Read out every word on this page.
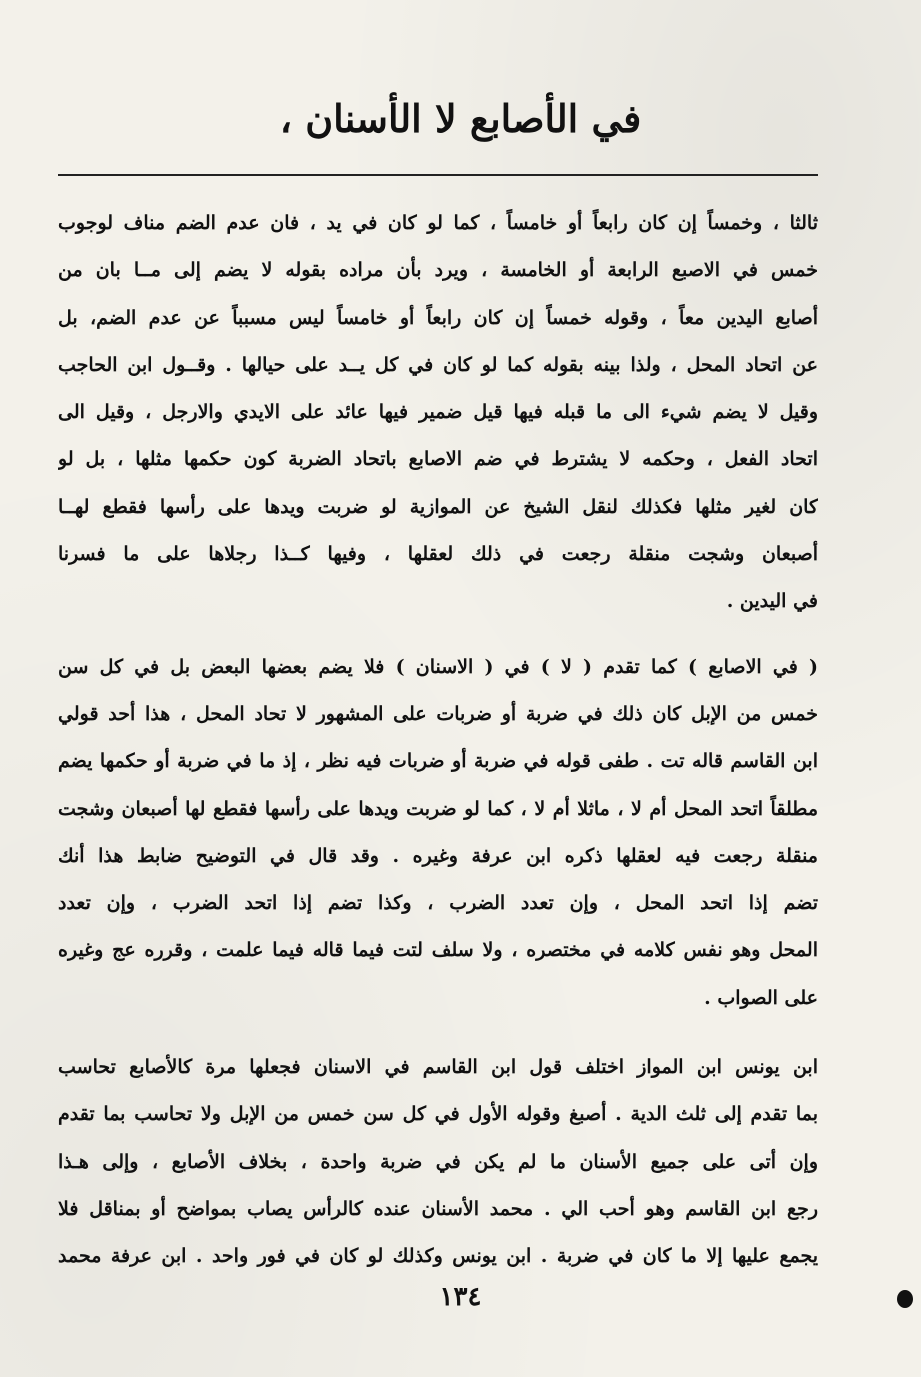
في الأصابع لا الأسنان ،
ثالثا ، وخمساً إن كان رابعاً أو خامساً ، كما لو كان في يد ، فان عدم الضم مناف لوجوب
خمس في الاصبع الرابعة أو الخامسة ، ويرد بأن مراده بقوله لا يضم إلى مــا بان من
أصابع اليدين معاً ، وقوله خمساً إن كان رابعاً أو خامساً ليس مسبباً عن عدم الضم، بل
عن اتحاد المحل ، ولذا بينه بقوله كما لو كان في كل يــد على حيالها . وقــول ابن الحاجب
وقيل لا يضم شيء الى ما قبله فيها قيل ضمير فيها عائد على الايدي والارجل ، وقيل الى
اتحاد الفعل ، وحكمه لا يشترط في ضم الاصابع باتحاد الضربة كون حكمها مثلها ، بل لو
كان لغير مثلها فكذلك لنقل الشيخ عن الموازية لو ضربت ويدها على رأسها فقطع لهــا
أصبعان وشجت منقلة رجعت في ذلك لعقلها ، وفيها كــذا رجلاها على ما فسرنا
في اليدين .
( في الاصابع ) كما تقدم ( لا ) في ( الاسنان ) فلا يضم بعضها البعض بل في كل سن
خمس من الإبل كان ذلك في ضربة أو ضربات على المشهور لا تحاد المحل ، هذا أحد قولي
ابن القاسم قاله تت . طفى قوله في ضربة أو ضربات فيه نظر ، إذ ما في ضربة أو حكمها يضم
مطلقاً اتحد المحل أم لا ، ماثلا أم لا ، كما لو ضربت ويدها على رأسها فقطع لها أصبعان وشجت
منقلة رجعت فيه لعقلها ذكره ابن عرفة وغيره . وقد قال في التوضيح ضابط هذا أنك
تضم إذا اتحد المحل ، وإن تعدد الضرب ، وكذا تضم إذا اتحد الضرب ، وإن تعدد
المحل وهو نفس كلامه في مختصره ، ولا سلف لتت فيما قاله فيما علمت ، وقرره عج وغيره
على الصواب .
ابن يونس ابن المواز اختلف قول ابن القاسم في الاسنان فجعلها مرة كالأصابع تحاسب
بما تقدم إلى ثلث الدية . أصبغ وقوله الأول في كل سن خمس من الإبل ولا تحاسب بما تقدم
وإن أتى على جميع الأسنان ما لم يكن في ضربة واحدة ، بخلاف الأصابع ، وإلى هـذا
رجع ابن القاسم وهو أحب الي . محمد الأسنان عنده كالرأس يصاب بمواضح أو بمناقل فلا
يجمع عليها إلا ما كان في ضربة . ابن يونس وكذلك لو كان في فور واحد . ابن عرفة محمد
١٣٤
